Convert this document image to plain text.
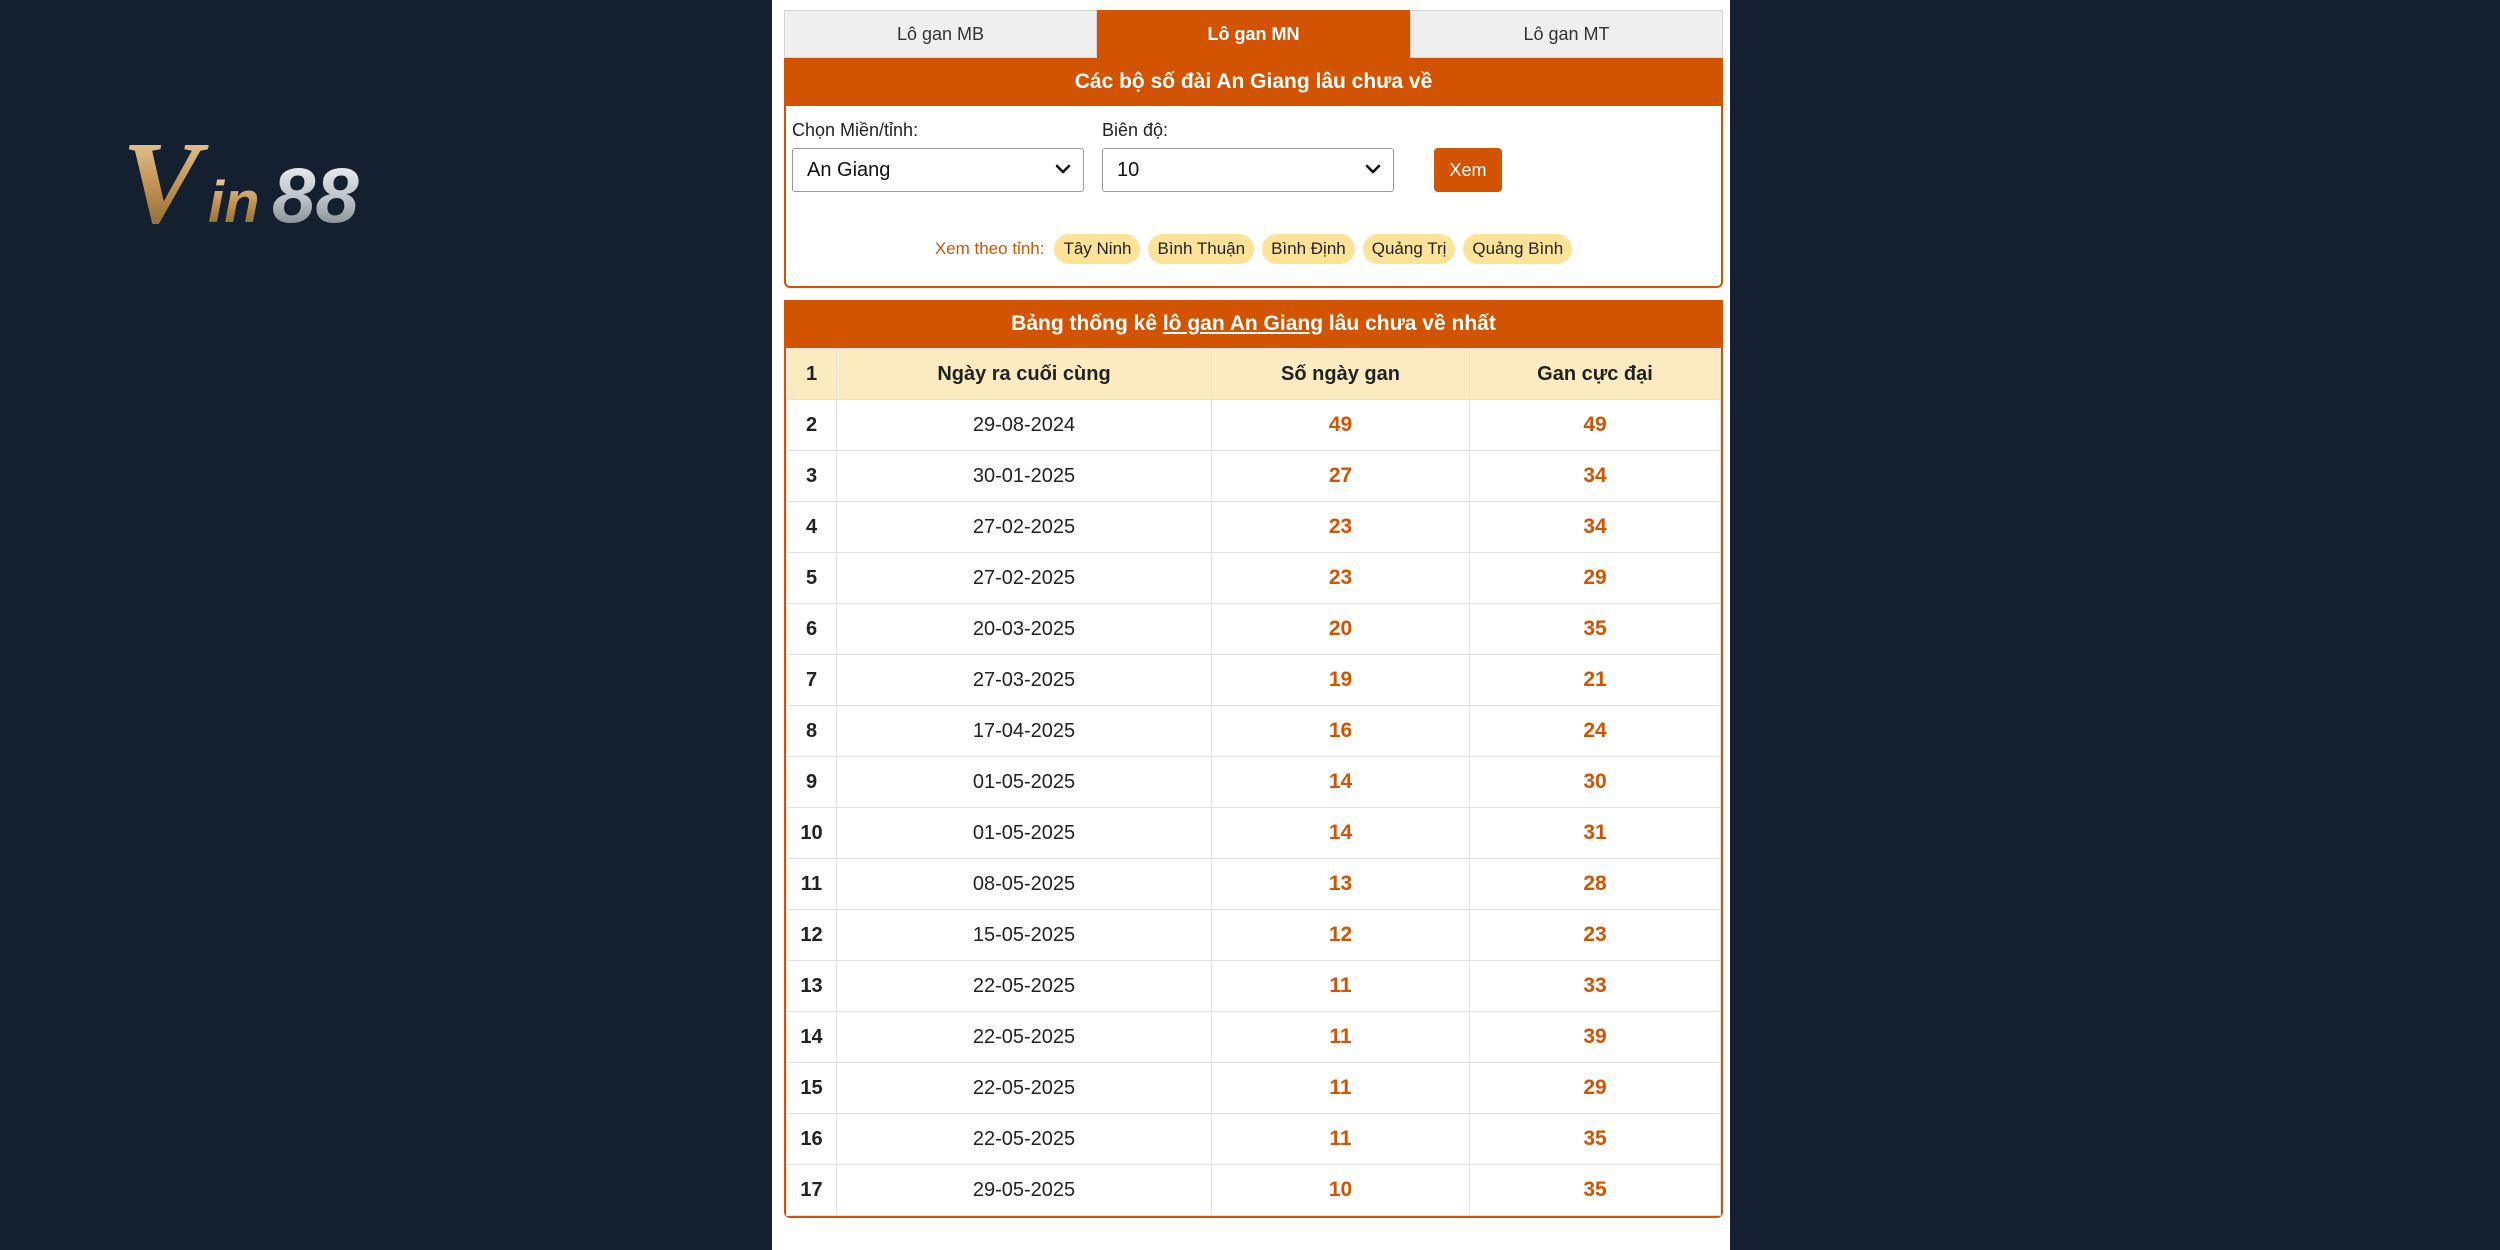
V in 88
Lô gan MB	Lô gan MN	Lô gan MT
Các bộ số đài An Giang lâu chưa về
Chọn Miền/tỉnh:
An Giang
Biên độ:
10	Xem
Xem theo tỉnh:	Tây Ninh	Bình Thuận	Bình Định	Quảng Trị	Quảng Bình
Bảng thống kê lô gan An Giang lâu chưa về nhất
1	Ngày ra cuối cùng	Số ngày gan	Gan cực đại
2	29-08-2024	49	49
3	30-01-2025	27	34
4	27-02-2025	23	34
5	27-02-2025	23	29
6	20-03-2025	20	35
7	27-03-2025	19	21
8	17-04-2025	16	24
9	01-05-2025	14	30
10	01-05-2025	14	31
11	08-05-2025	13	28
12	15-05-2025	12	23
13	22-05-2025	11	33
14	22-05-2025	11	39
15	22-05-2025	11	29
16	22-05-2025	11	35
17	29-05-2025	10	35
